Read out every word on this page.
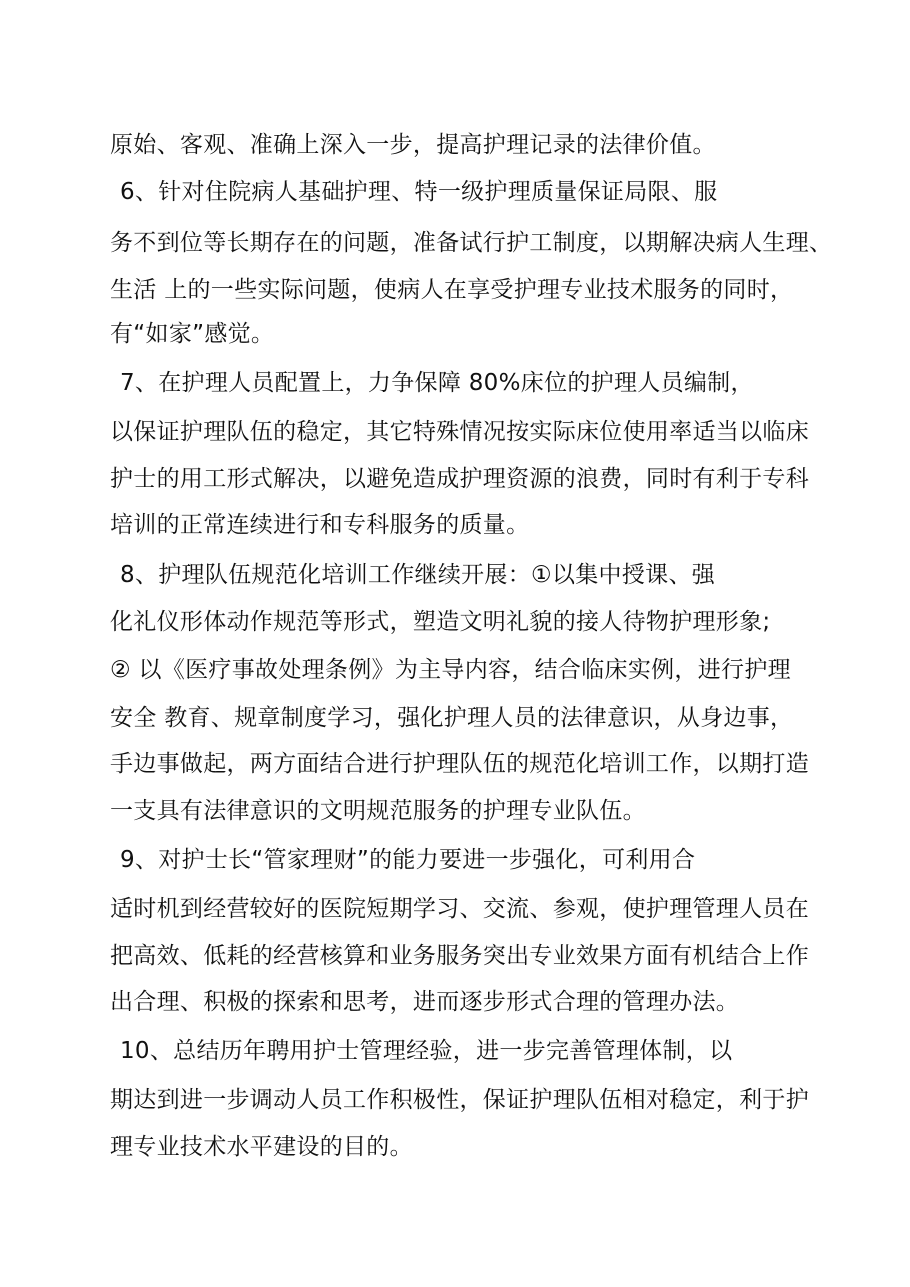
原始、客观、准确上深入一步，提高护理记录的法律价值。
6、针对住院病人基础护理、特一级护理质量保证局限、服
务不到位等长期存在的问题，准备试行护工制度，以期解决病人生理、
生活 上的一些实际问题，使病人在享受护理专业技术服务的同时，
有“如家”感觉。
7、在护理人员配置上，力争保障 80%床位的护理人员编制，
以保证护理队伍的稳定，其它特殊情况按实际床位使用率适当以临床
护士的用工形式解决，以避免造成护理资源的浪费，同时有利于专科
培训的正常连续进行和专科服务的质量。
8、护理队伍规范化培训工作继续开展：①以集中授课、强
化礼仪形体动作规范等形式，塑造文明礼貌的接人待物护理形象;
② 以《医疗事故处理条例》为主导内容，结合临床实例，进行护理
安全 教育、规章制度学习，强化护理人员的法律意识，从身边事，
手边事做起，两方面结合进行护理队伍的规范化培训工作，以期打造
一支具有法律意识的文明规范服务的护理专业队伍。
9、对护士长“管家理财”的能力要进一步强化，可利用合
适时机到经营较好的医院短期学习、交流、参观，使护理管理人员在
把高效、低耗的经营核算和业务服务突出专业效果方面有机结合上作
出合理、积极的探索和思考，进而逐步形式合理的管理办法。
10、总结历年聘用护士管理经验，进一步完善管理体制，以
期达到进一步调动人员工作积极性，保证护理队伍相对稳定，利于护
理专业技术水平建设的目的。
